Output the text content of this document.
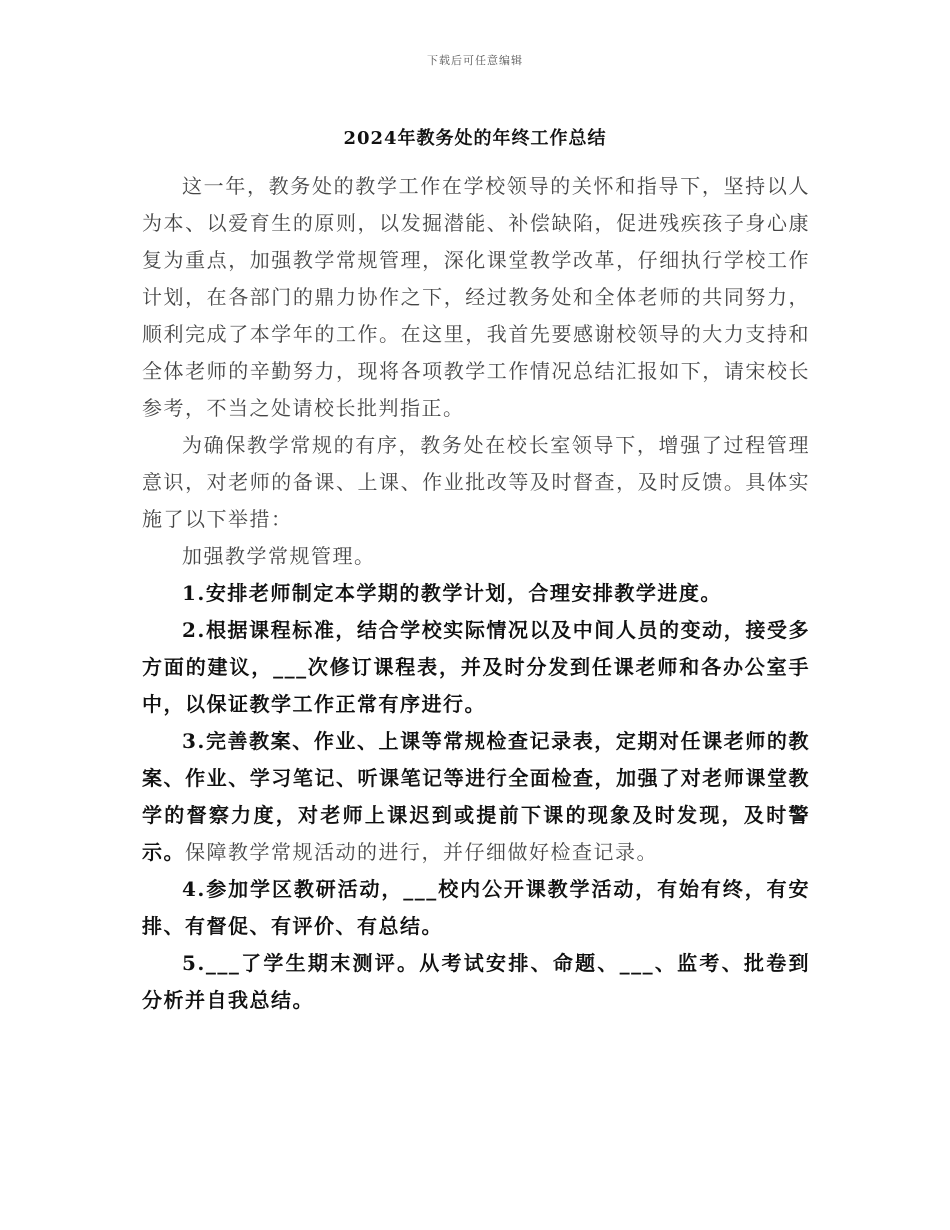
下载后可任意编辑
2024年教务处的年终工作总结

这一年，教务处的教学工作在学校领导的关怀和指导下，坚持以人为本、以爱育生的原则，以发掘潜能、补偿缺陷，促进残疾孩子身心康复为重点，加强教学常规管理，深化课堂教学改革，仔细执行学校工作计划，在各部门的鼎力协作之下，经过教务处和全体老师的共同努力，顺利完成了本学年的工作。在这里，我首先要感谢校领导的大力支持和全体老师的辛勤努力，现将各项教学工作情况总结汇报如下，请宋校长参考，不当之处请校长批判指正。

为确保教学常规的有序，教务处在校长室领导下，增强了过程管理意识，对老师的备课、上课、作业批改等及时督查，及时反馈。具体实施了以下举措：

加强教学常规管理。

1.安排老师制定本学期的教学计划，合理安排教学进度。

2.根据课程标准，结合学校实际情况以及中间人员的变动，接受多方面的建议，___次修订课程表，并及时分发到任课老师和各办公室手中，以保证教学工作正常有序进行。

3.完善教案、作业、上课等常规检查记录表，定期对任课老师的教案、作业、学习笔记、听课笔记等进行全面检查，加强了对老师课堂教学的督察力度，对老师上课迟到或提前下课的现象及时发现，及时警示。保障教学常规活动的进行，并仔细做好检查记录。

4.参加学区教研活动，___校内公开课教学活动，有始有终，有安排、有督促、有评价、有总结。

5.___了学生期末测评。从考试安排、命题、___、监考、批卷到分析并自我总结。
